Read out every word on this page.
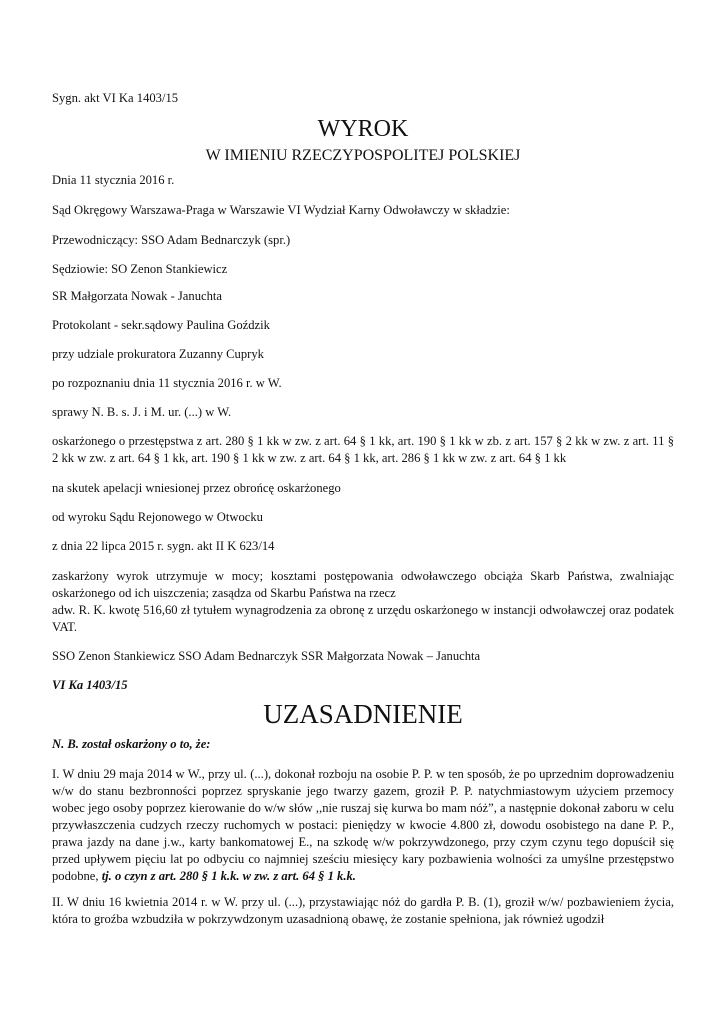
Sygn. akt VI Ka 1403/15

WYROK
W IMIENIU RZECZYPOSPOLITEJ POLSKIEJ

Dnia 11 stycznia 2016 r.

Sąd Okręgowy Warszawa-Praga w Warszawie VI Wydział Karny Odwoławczy w składzie:

Przewodniczący: SSO Adam Bednarczyk (spr.)

Sędziowie: SO Zenon Stankiewicz

SR Małgorzata Nowak - Januchta

Protokolant - sekr.sądowy Paulina Goździk

przy udziale prokuratora Zuzanny Cupryk

po rozpoznaniu dnia 11 stycznia 2016 r. w W.

sprawy N. B. s. J. i M. ur. (...) w W.

oskarżonego o przestępstwa z art. 280 § 1 kk w zw. z art. 64 § 1 kk, art. 190 § 1 kk w zb. z art. 157 § 2 kk w zw. z art. 11 § 2 kk w zw. z art. 64 § 1 kk, art. 190 § 1 kk w zw. z art. 64 § 1 kk, art. 286 § 1 kk w zw. z art. 64 § 1 kk

na skutek apelacji wniesionej przez obrońcę oskarżonego

od wyroku Sądu Rejonowego w Otwocku

z dnia 22 lipca 2015 r. sygn. akt II K 623/14

zaskarżony wyrok utrzymuje w mocy; kosztami postępowania odwoławczego obciąża Skarb Państwa, zwalniając oskarżonego od ich uiszczenia; zasądza od Skarbu Państwa na rzecz

adw. R. K. kwotę 516,60 zł tytułem wynagrodzenia za obronę z urzędu oskarżonego w instancji odwoławczej oraz podatek VAT.

SSO Zenon Stankiewicz SSO Adam Bednarczyk SSR Małgorzata Nowak – Januchta

VI Ka 1403/15

UZASADNIENIE

N. B. został oskarżony o to, że:

I. W dniu 29 maja 2014 w W., przy ul. (...), dokonał rozboju na osobie P. P. w ten sposób, że po uprzednim doprowadzeniu w/w do stanu bezbronności poprzez spryskanie jego twarzy gazem, groził P. P. natychmiastowym użyciem przemocy wobec jego osoby poprzez kierowanie do w/w słów ,,nie ruszaj się kurwa bo mam nóż”, a następnie dokonał zaboru w celu przywłaszczenia cudzych rzeczy ruchomych w postaci: pieniędzy w kwocie 4.800 zł, dowodu osobistego na dane P. P., prawa jazdy na dane j.w., karty bankomatowej E., na szkodę w/w pokrzywdzonego, przy czym czynu tego dopuścił się przed upływem pięciu lat po odbyciu co najmniej sześciu miesięcy kary pozbawienia wolności za umyślne przestępstwo podobne, tj. o czyn z art. 280 § 1 k.k. w zw. z art. 64 § 1 k.k.

II. W dniu 16 kwietnia 2014 r. w W. przy ul. (...), przystawiając nóż do gardła P. B. (1), groził w/w/ pozbawieniem życia, która to groźba wzbudziła w pokrzywdzonym uzasadnioną obawę, że zostanie spełniona, jak również ugodził
